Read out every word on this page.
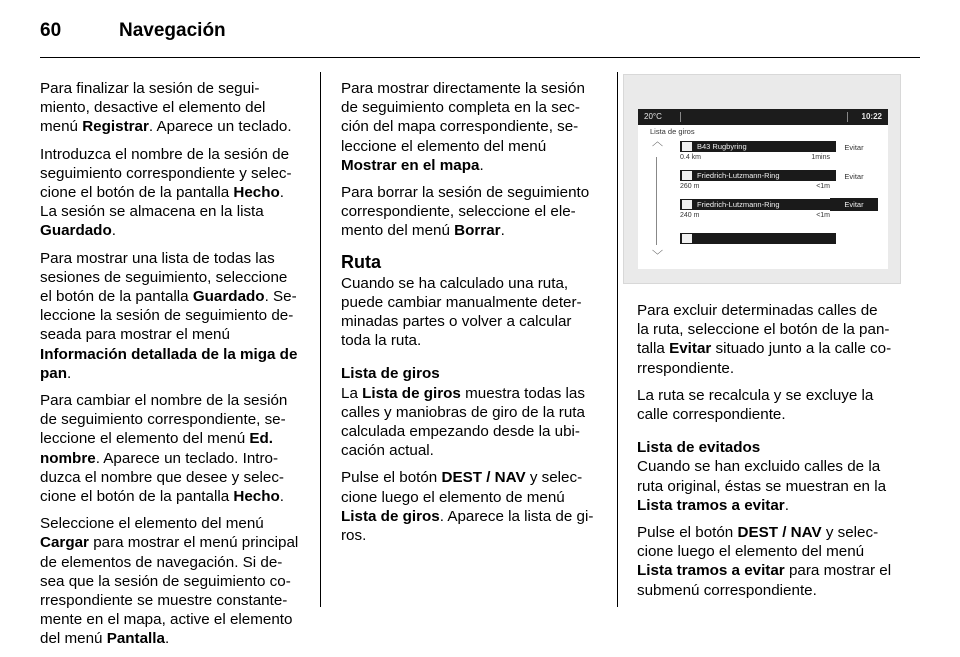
60	Navegación

Para finalizar la sesión de segui-
miento, desactive el elemento del
menú Registrar. Aparece un teclado.

Introduzca el nombre de la sesión de
seguimiento correspondiente y selec-
cione el botón de la pantalla Hecho.
La sesión se almacena en la lista
Guardado.

Para mostrar una lista de todas las
sesiones de seguimiento, seleccione
el botón de la pantalla Guardado. Se-
leccione la sesión de seguimiento de-
seada para mostrar el menú
Información detallada de la miga de
pan.

Para cambiar el nombre de la sesión
de seguimiento correspondiente, se-
leccione el elemento del menú Ed.
nombre. Aparece un teclado. Intro-
duzca el nombre que desee y selec-
cione el botón de la pantalla Hecho.

Seleccione el elemento del menú
Cargar para mostrar el menú principal
de elementos de navegación. Si de-
sea que la sesión de seguimiento co-
rrespondiente se muestre constante-
mente en el mapa, active el elemento
del menú Pantalla.

Para mostrar directamente la sesión
de seguimiento completa en la sec-
ción del mapa correspondiente, se-
leccione el elemento del menú
Mostrar en el mapa.

Para borrar la sesión de seguimiento
correspondiente, seleccione el ele-
mento del menú Borrar.

Ruta

Cuando se ha calculado una ruta,
puede cambiar manualmente deter-
minadas partes o volver a calcular
toda la ruta.

Lista de giros

La Lista de giros muestra todas las
calles y maniobras de giro de la ruta
calculada empezando desde la ubi-
cación actual.

Pulse el botón DEST / NAV y selec-
cione luego el elemento de menú
Lista de giros. Aparece la lista de gi-
ros.

20°C	10:22
Lista de giros
︿
﹀
B43 Rugbyring
0.4 km	1mins
Evitar
Friedrich-Lutzmann-Ring
260 m	<1m
Evitar
Friedrich-Lutzmann-Ring
240 m	<1m
Evitar

Para excluir determinadas calles de
la ruta, seleccione el botón de la pan-
talla Evitar situado junto a la calle co-
rrespondiente.

La ruta se recalcula y se excluye la
calle correspondiente.

Lista de evitados

Cuando se han excluido calles de la
ruta original, éstas se muestran en la
Lista tramos a evitar.

Pulse el botón DEST / NAV y selec-
cione luego el elemento del menú
Lista tramos a evitar para mostrar el
submenú correspondiente.
